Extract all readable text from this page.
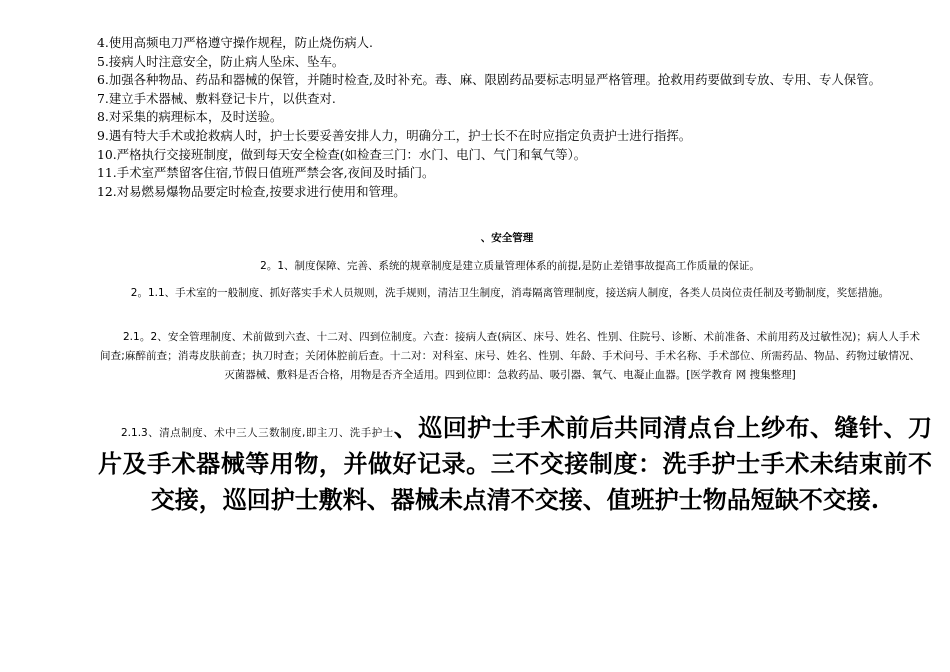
4.使用高频电刀严格遵守操作规程，防止烧伤病人.
5.接病人时注意安全，防止病人坠床、坠车。
6.加强各种物品、药品和器械的保管，并随时检查,及时补充。毒、麻、限剧药品要标志明显严格管理。抢救用药要做到专放、专用、专人保管。
7.建立手术器械、敷料登记卡片，以供查对.
8.对采集的病理标本，及时送验。
9.遇有特大手术或抢救病人时，护士长要妥善安排人力，明确分工，护士长不在时应指定负责护士进行指挥。
10.严格执行交接班制度，做到每天安全检查(如检查三门：水门、电门、气门和氧气等）。
11.手术室严禁留客住宿,节假日值班严禁会客,夜间及时插门。
12.对易燃易爆物品要定时检查,按要求进行使用和管理。
、安全管理
2。1、制度保障、完善、系统的规章制度是建立质量管理体系的前提,是防止差错事故提高工作质量的保证。
2。1.1、手术室的一般制度、抓好落实手术人员规则，洗手规则，清洁卫生制度，消毒隔离管理制度，接送病人制度，各类人员岗位责任制及考勤制度，奖惩措施。
2.1。2、安全管理制度、术前做到六查、十二对、四到位制度。六查：接病人查(病区、床号、姓名、性别、住院号、诊断、术前准备、术前用药及过敏性况)；病人人手术间查;麻醉前查；消毒皮肤前查；执刀时查；关闭体腔前后查。十二对：对科室、床号、姓名、性别、年龄、手术问号、手术名称、手术部位、所需药品、物品、药物过敏情况、灭菌器械、敷料是否合格，用物是否齐全适用。四到位即：急救药品、吸引器、氧气、电凝止血器。[医学教育 网 搜集整理]
2.1.3、清点制度、术中三人三数制度,即主刀、洗手护士、巡回护士手术前后共同清点台上纱布、缝针、刀片及手术器械等用物，并做好记录。三不交接制度：洗手护士手术未结束前不交接，巡回护士敷料、器械未点清不交接、值班护士物品短缺不交接.
